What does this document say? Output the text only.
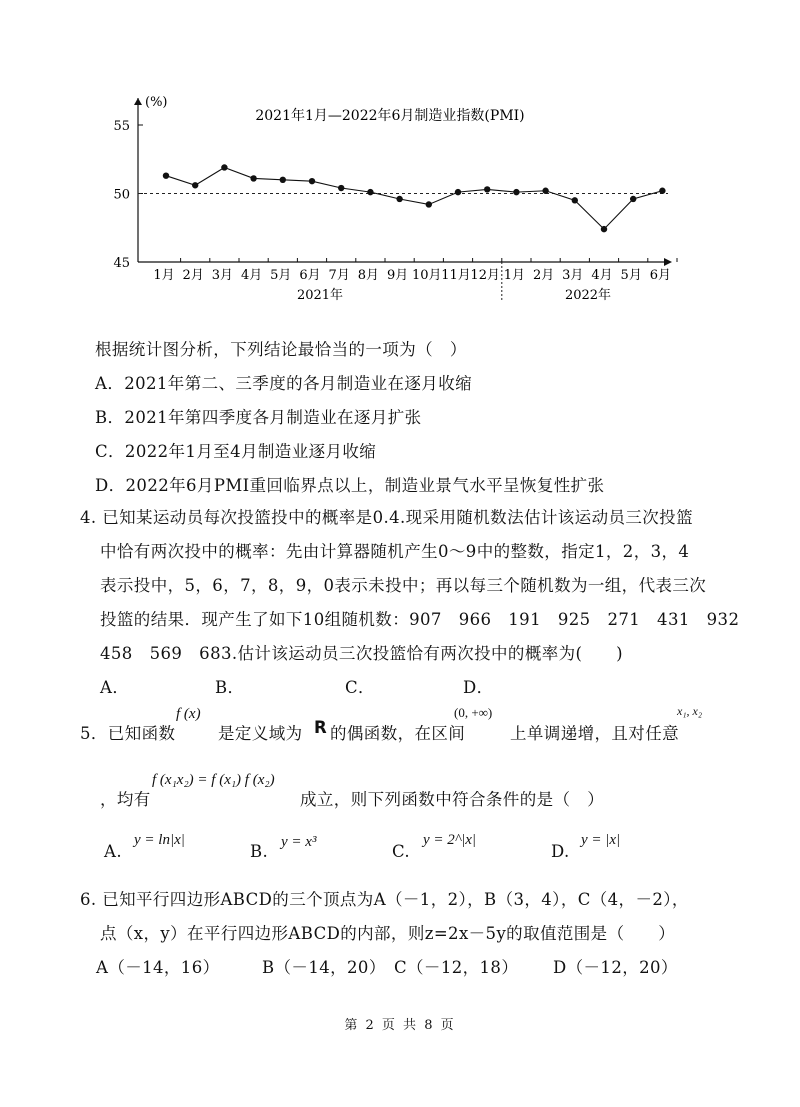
2021年1月—2022年6月制造业指数(PMI)
(%)
55
50
45
1月 2月 3月 4月 5月 6月 7月 8月 9月 10月 11月 12月 1月 2月 3月 4月 5月 6月
2021年	2022年
根据统计图分析，下列结论最恰当的一项为（　）
A．2021年第二、三季度的各月制造业在逐月收缩
B．2021年第四季度各月制造业在逐月扩张
C．2022年1月至4月制造业逐月收缩
D．2022年6月PMI重回临界点以上，制造业景气水平呈恢复性扩张
4. 已知某运动员每次投篮投中的概率是0.4.现采用随机数法估计该运动员三次投篮
中恰有两次投中的概率：先由计算器随机产生0～9中的整数，指定1，2，3，4
表示投中，5，6，7，8，9，0表示未投中；再以每三个随机数为一组，代表三次
投篮的结果．现产生了如下10组随机数：907　966　191　925　271　431　932
458　569　683.估计该运动员三次投篮恰有两次投中的概率为(　　)
A．	B．	C．	D．
5．已知函数
f (x)
是定义域为 R 的偶函数，在区间
(0, +∞)
上单调递增，且对任意
x₁, x₂
，均有
f (x₁x₂) = f (x₁) f (x₂)
成立，则下列函数中符合条件的是（　）
A.
y = ln|x|
B. y = x³	C.
y = 2^|x|
D.
y = |x|
6. 已知平行四边形ABCD的三个顶点为A（－1，2），B（3，4），C（4，－2），
点（x，y）在平行四边形ABCD的内部，则z=2x－5y的取值范围是（　　）
A（－14，16）	B（－14，20） C（－12，18） D（－12，20）
第 2 页 共 8 页
